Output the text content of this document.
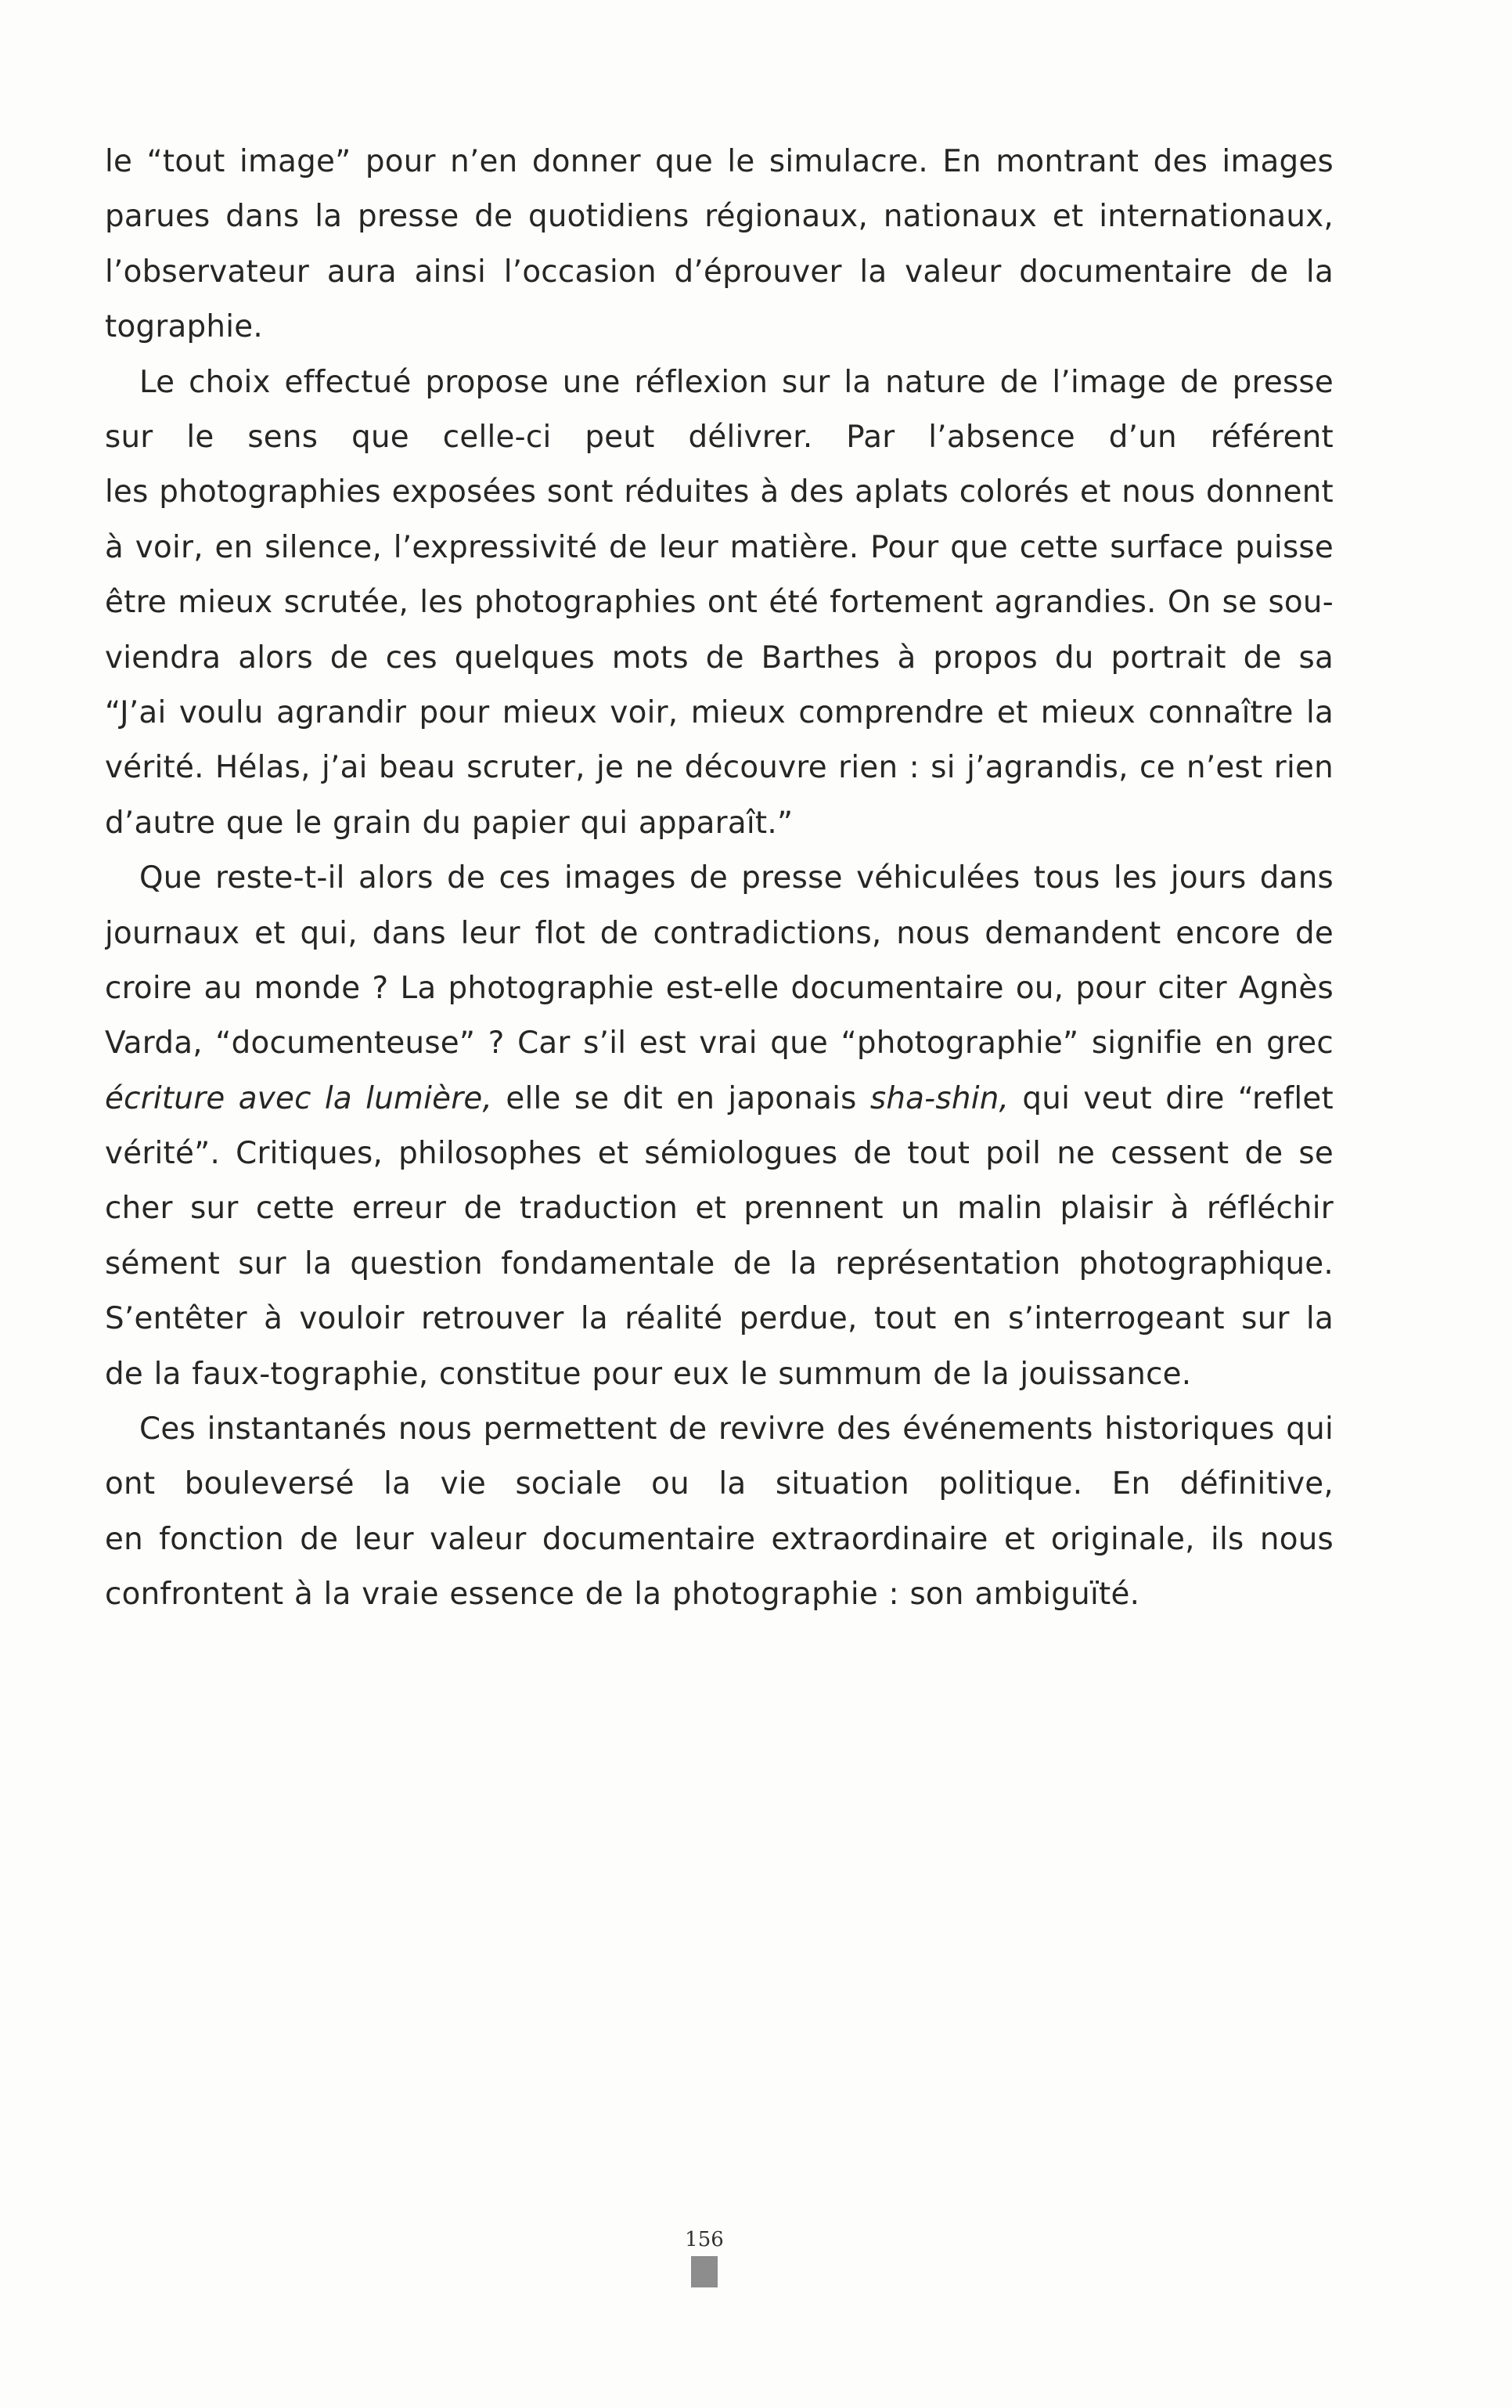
le “tout image” pour n’en donner que le simulacre. En montrant des images
parues dans la presse de quotidiens régionaux, nationaux et internationaux,
l’observateur aura ainsi l’occasion d’éprouver la valeur documentaire de la
tographie.

Le choix effectué propose une réflexion sur la nature de l’image de presse
sur le sens que celle-ci peut délivrer. Par l’absence d’un référent
les photographies exposées sont réduites à des aplats colorés et nous donnent
à voir, en silence, l’expressivité de leur matière. Pour que cette surface puisse
être mieux scrutée, les photographies ont été fortement agrandies. On se sou-
viendra alors de ces quelques mots de Barthes à propos du portrait de sa
“J’ai voulu agrandir pour mieux voir, mieux comprendre et mieux connaître la
vérité. Hélas, j’ai beau scruter, je ne découvre rien : si j’agrandis, ce n’est rien
d’autre que le grain du papier qui apparaît.”

Que reste-t-il alors de ces images de presse véhiculées tous les jours dans
journaux et qui, dans leur flot de contradictions, nous demandent encore de
croire au monde ? La photographie est-elle documentaire ou, pour citer Agnès
Varda, “documenteuse” ? Car s’il est vrai que “photographie” signifie en grec
écriture avec la lumière, elle se dit en japonais sha-shin, qui veut dire “reflet
vérité”. Critiques, philosophes et sémiologues de tout poil ne cessent de se
cher sur cette erreur de traduction et prennent un malin plaisir à réfléchir
sément sur la question fondamentale de la représentation photographique.
S’entêter à vouloir retrouver la réalité perdue, tout en s’interrogeant sur la
de la faux-tographie, constitue pour eux le summum de la jouissance.

Ces instantanés nous permettent de revivre des événements historiques qui
ont bouleversé la vie sociale ou la situation politique. En définitive,
en fonction de leur valeur documentaire extraordinaire et originale, ils nous
confrontent à la vraie essence de la photographie : son ambiguïté.

156
